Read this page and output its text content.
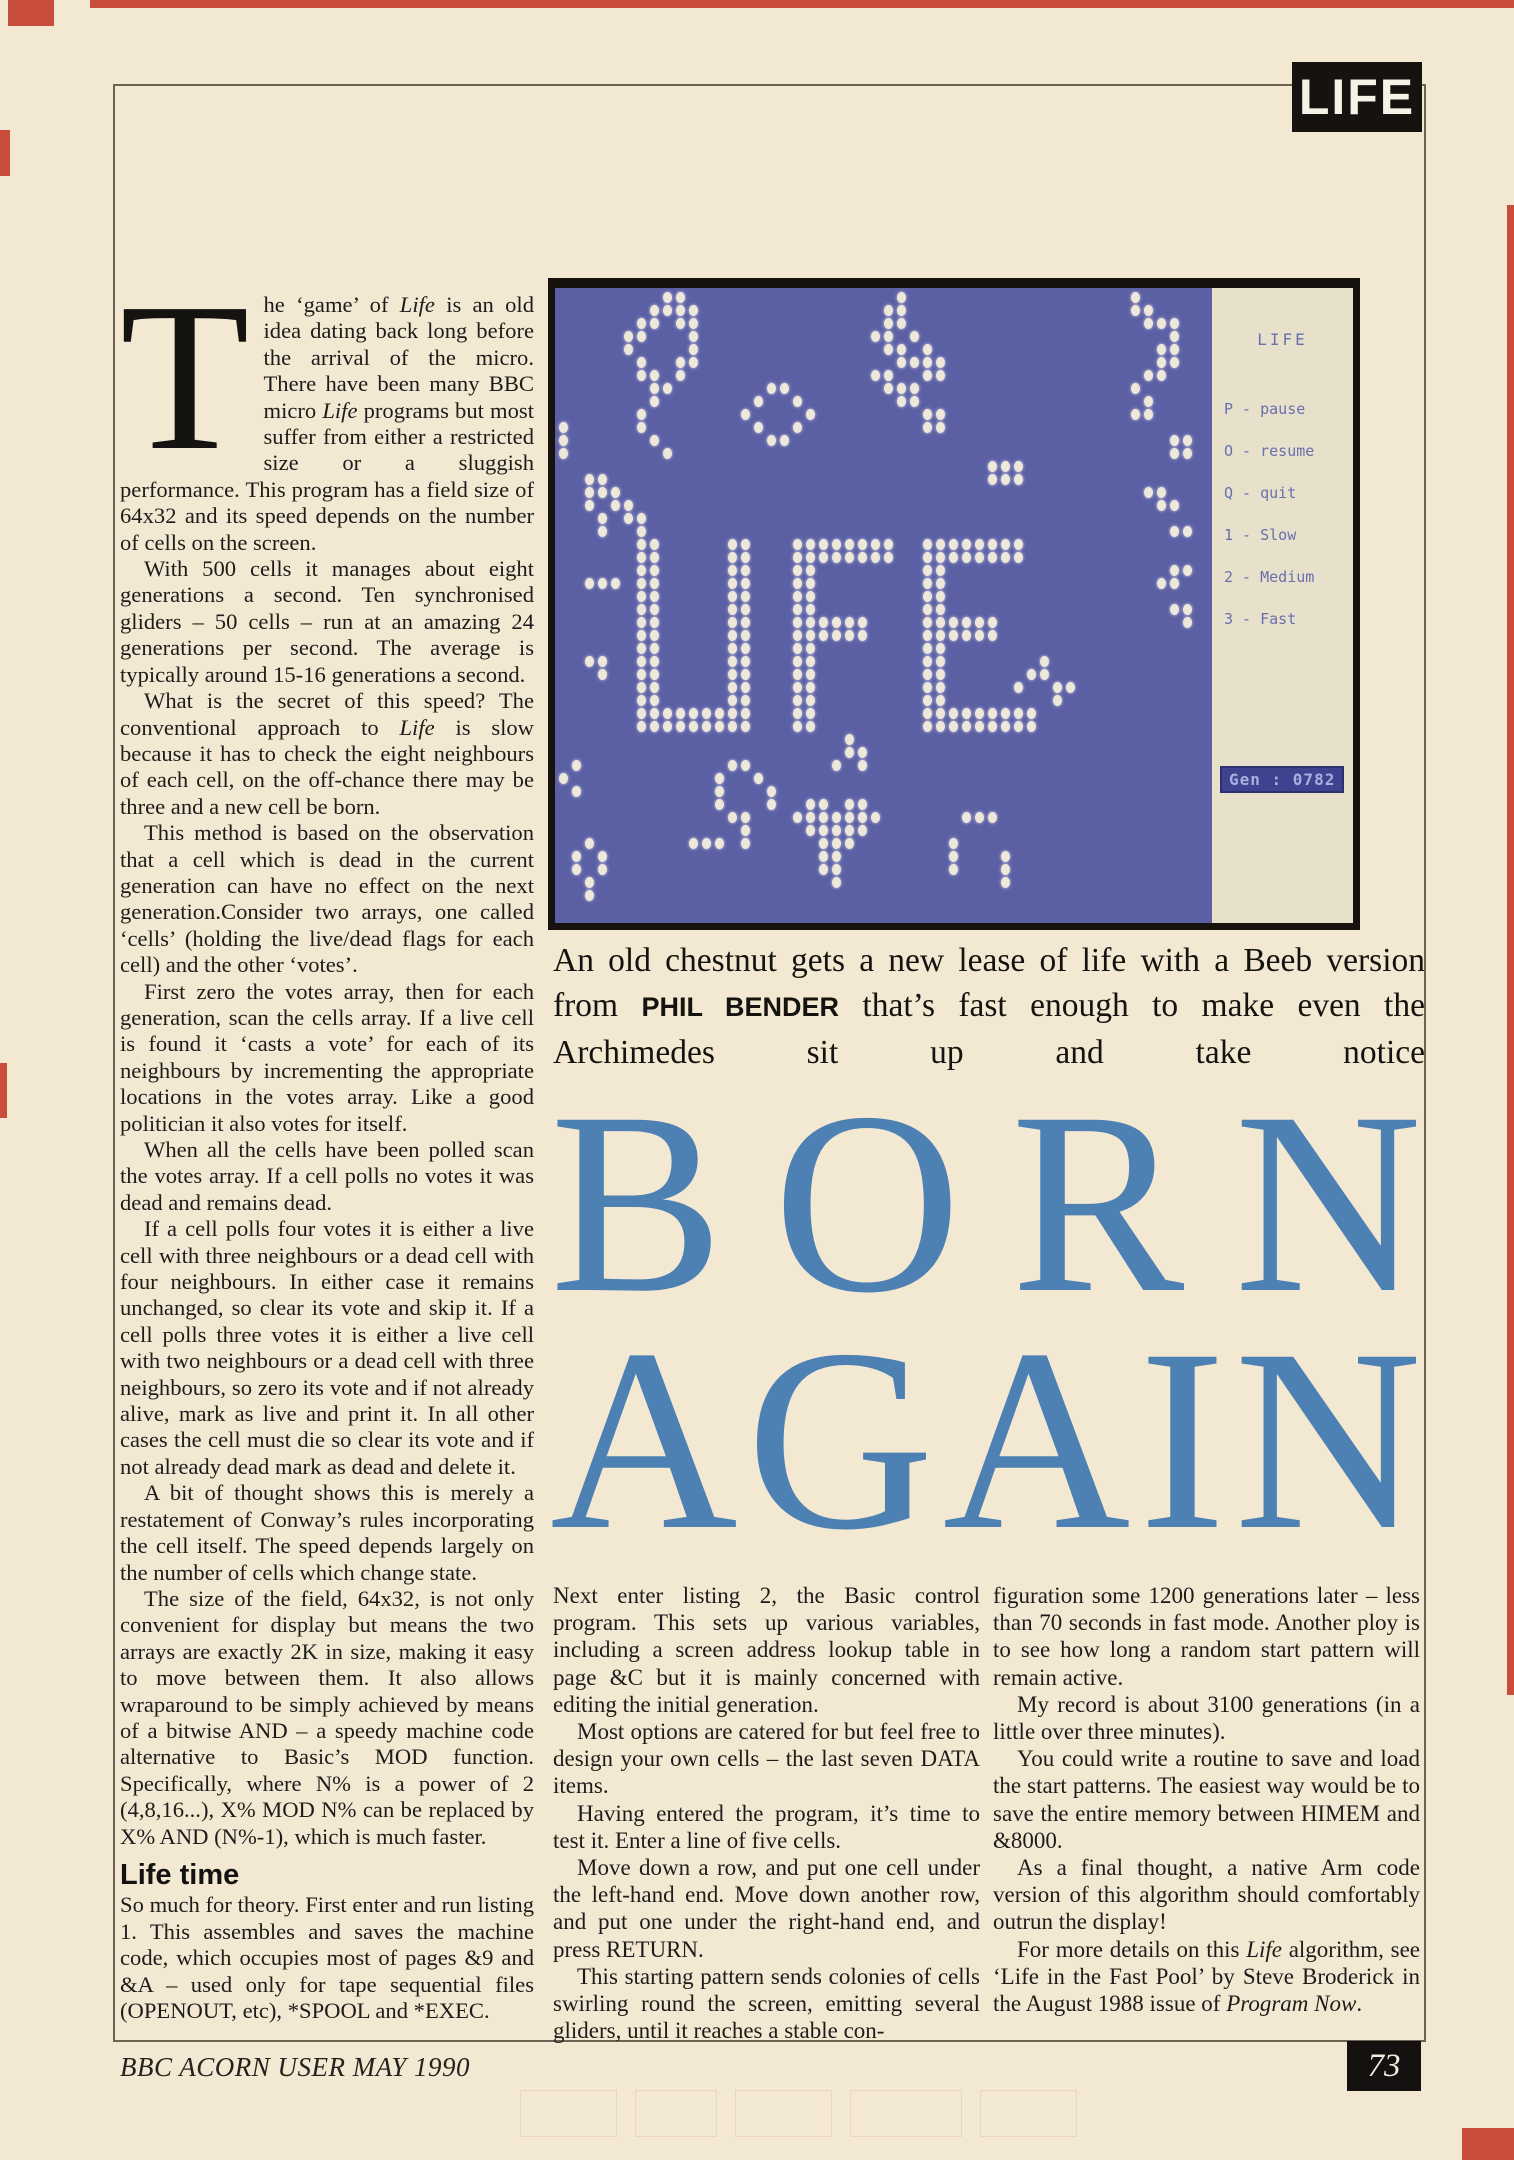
LIFE

The ‘game’ of Life is an old idea dating back long before the arrival of the micro. There have been many BBC micro Life programs but most suffer from either a restricted size or a sluggish performance. This program has a field size of 64x32 and its speed depends on the number of cells on the screen.

With 500 cells it manages about eight generations a second. Ten synchronised gliders – 50 cells – run at an amazing 24 generations per second. The average is typically around 15-16 generations a second.

What is the secret of this speed? The conventional approach to Life is slow because it has to check the eight neighbours of each cell, on the off-chance there may be three and a new cell be born.

This method is based on the observation that a cell which is dead in the current generation can have no effect on the next generation.Consider two arrays, one called ‘cells’ (holding the live/dead flags for each cell) and the other ‘votes’.

First zero the votes array, then for each generation, scan the cells array. If a live cell is found it ‘casts a vote’ for each of its neighbours by incrementing the appropriate locations in the votes array. Like a good politician it also votes for itself.

When all the cells have been polled scan the votes array. If a cell polls no votes it was dead and remains dead.

If a cell polls four votes it is either a live cell with three neighbours or a dead cell with four neighbours. In either case it remains unchanged, so clear its vote and skip it. If a cell polls three votes it is either a live cell with two neighbours or a dead cell with three neighbours, so zero its vote and if not already alive, mark as live and print it. In all other cases the cell must die so clear its vote and if not already dead mark as dead and delete it.

A bit of thought shows this is merely a restatement of Conway’s rules incorporating the cell itself. The speed depends largely on the number of cells which change state.

The size of the field, 64x32, is not only convenient for display but means the two arrays are exactly 2K in size, making it easy to move between them. It also allows wraparound to be simply achieved by means of a bitwise AND – a speedy machine code alternative to Basic’s MOD function. Specifically, where N% is a power of 2 (4,8,16...), X% MOD N% can be replaced by X% AND (N%-1), which is much faster.

Life time

So much for theory. First enter and run listing 1. This assembles and saves the machine code, which occupies most of pages &9 and &A – used only for tape sequential files (OPENOUT, etc), *SPOOL and *EXEC.

LIFE
P - pause
O - resume
Q - quit
1 - Slow
2 - Medium
3 - Fast
Gen : 0782
An old chestnut gets a new lease of life with a Beeb version from PHIL BENDER that’s fast enough to make even the Archimedes sit up and take notice
B O R N
A G A I N

Next enter listing 2, the Basic control program. This sets up various variables, including a screen address lookup table in page &C but it is mainly concerned with editing the initial generation.

Most options are catered for but feel free to design your own cells – the last seven DATA items.

Having entered the program, it’s time to test it. Enter a line of five cells.

Move down a row, and put one cell under the left-hand end. Move down another row, and put one under the right-hand end, and press RETURN.

This starting pattern sends colonies of cells swirling round the screen, emitting several gliders, until it reaches a stable con-

figuration some 1200 generations later – less than 70 seconds in fast mode. Another ploy is to see how long a random start pattern will remain active.

My record is about 3100 generations (in a little over three minutes).

You could write a routine to save and load the start patterns. The easiest way would be to save the entire memory between HIMEM and &8000.

As a final thought, a native Arm code version of this algorithm should comfortably outrun the display!

For more details on this Life algorithm, see ‘Life in the Fast Pool’ by Steve Broderick in the August 1988 issue of Program Now.

BBC ACORN USER MAY 1990	73
